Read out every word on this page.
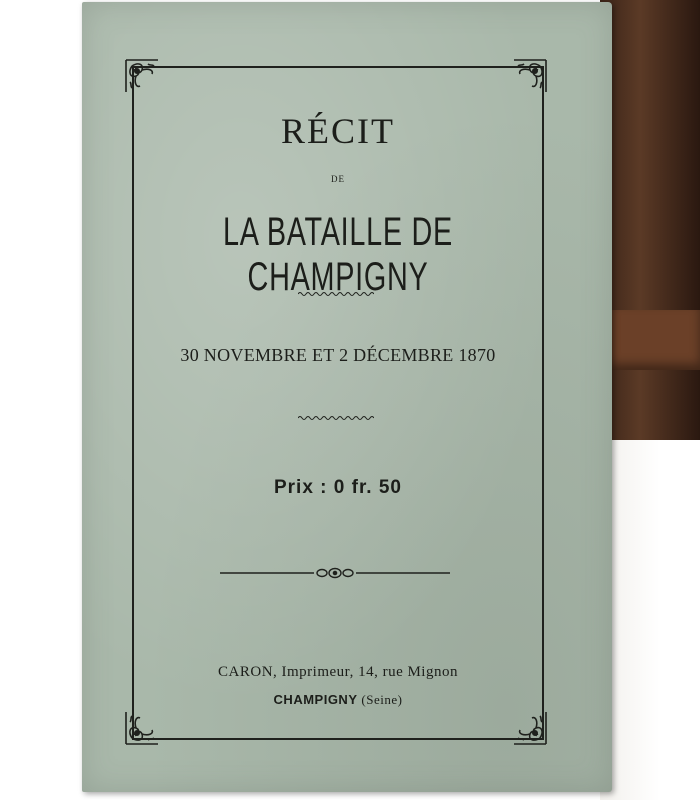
RÉCIT

DE

LA BATAILLE DE CHAMPIGNY

30 NOVEMBRE ET 2 DÉCEMBRE 1870

Prix : 0 fr. 50

CARON, Imprimeur, 14, rue Mignon

CHAMPIGNY (Seine)
